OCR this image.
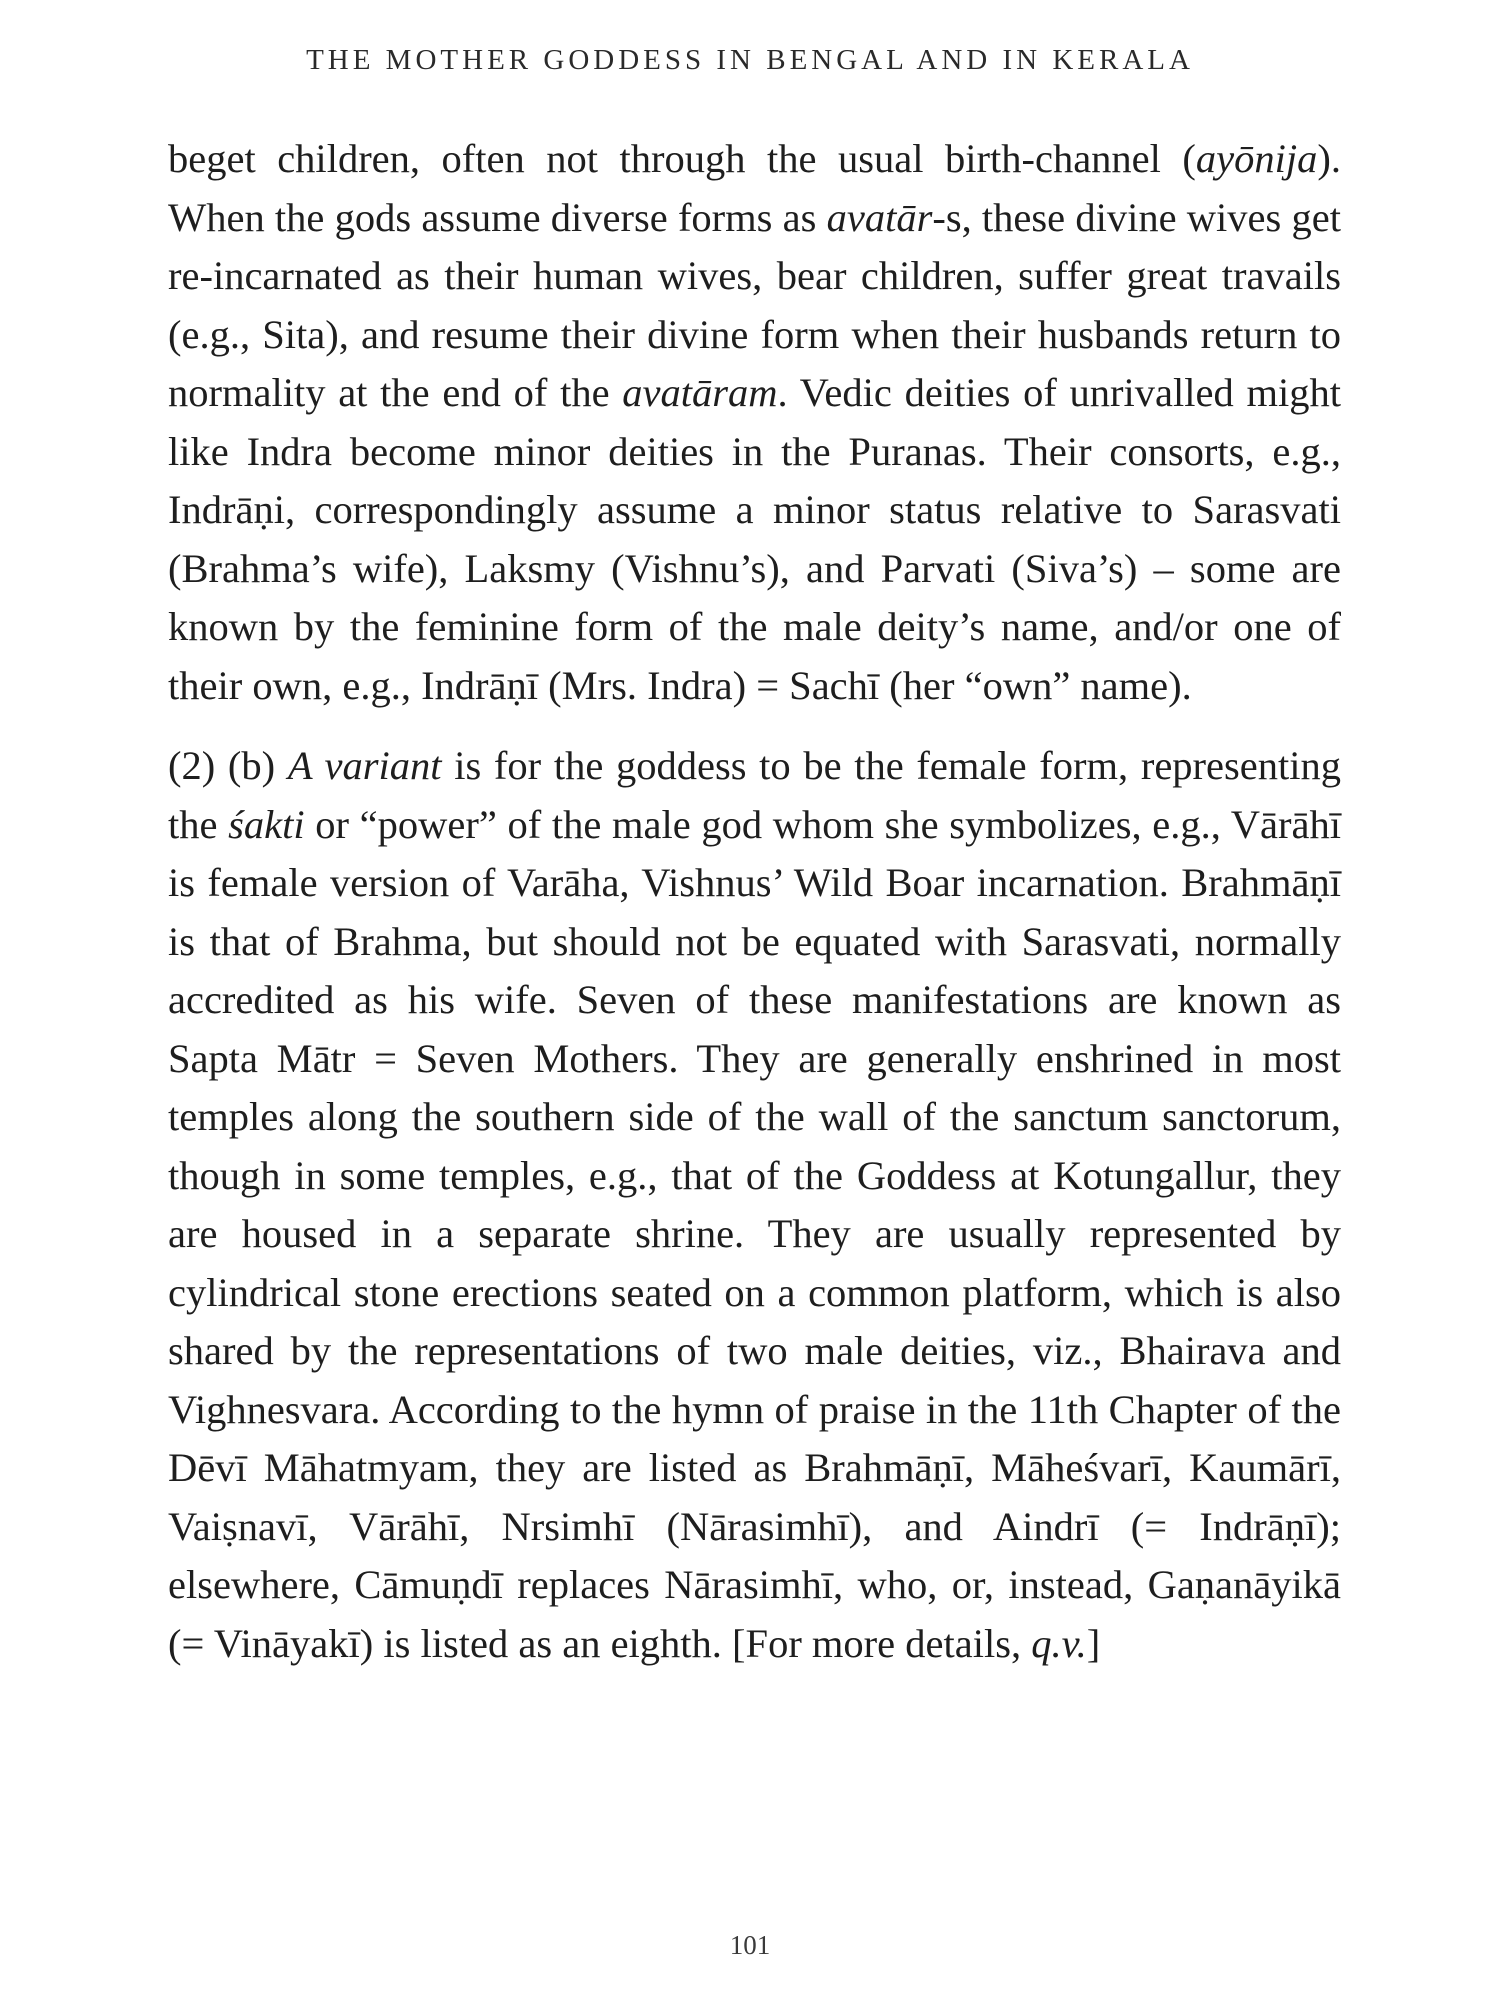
THE MOTHER GODDESS IN BENGAL AND IN KERALA

beget children, often not through the usual birth-channel (ayōnija). When the gods assume diverse forms as avatār-s, these divine wives get re-incarnated as their human wives, bear children, suffer great travails (e.g., Sita), and resume their divine form when their husbands return to normality at the end of the avatāram. Vedic deities of unrivalled might like Indra become minor deities in the Puranas. Their consorts, e.g., Indrāṇi, correspondingly assume a minor status relative to Sarasvati (Brahma’s wife), Laksmy (Vishnu’s), and Parvati (Siva’s) – some are known by the feminine form of the male deity’s name, and/or one of their own, e.g., Indrāṇī (Mrs. Indra) = Sachī (her “own” name).

(2) (b) A variant is for the goddess to be the female form, representing the śakti or “power” of the male god whom she symbolizes, e.g., Vārāhī is female version of Varāha, Vishnus’ Wild Boar incarnation. Brahmāṇī is that of Brahma, but should not be equated with Sarasvati, normally accredited as his wife. Seven of these manifestations are known as Sapta Mātr = Seven Mothers. They are generally enshrined in most temples along the southern side of the wall of the sanctum sanctorum, though in some temples, e.g., that of the Goddess at Kotungallur, they are housed in a separate shrine. They are usually represented by cylindrical stone erections seated on a common platform, which is also shared by the representations of two male deities, viz., Bhairava and Vighnesvara. According to the hymn of praise in the 11th Chapter of the Dēvī Māhatmyam, they are listed as Brahmāṇī, Māheśvarī, Kaumārī, Vaiṣnavī, Vārāhī, Nrsimhī (Nārasimhī), and Aindrī (= Indrāṇī); elsewhere, Cāmuṇdī replaces Nārasimhī, who, or, instead, Gaṇanāyikā (= Vināyakī) is listed as an eighth. [For more details, q.v.]

101
